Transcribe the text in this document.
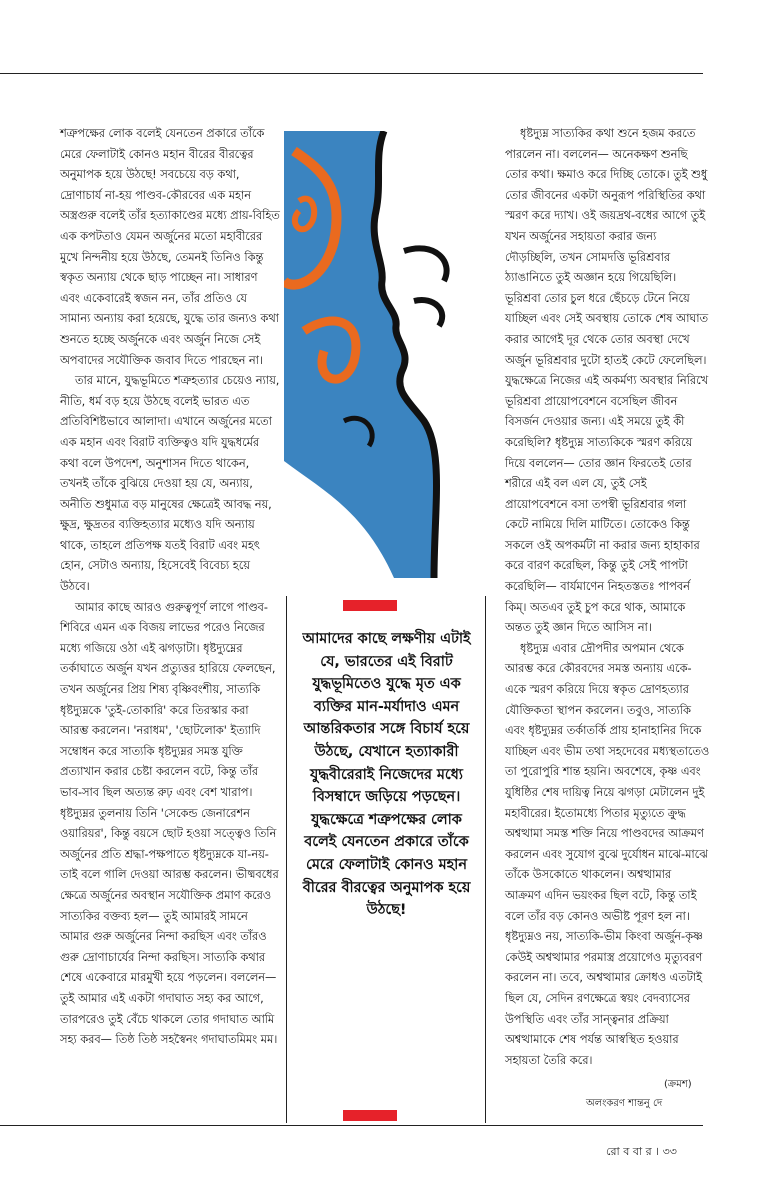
শত্রুপক্ষের লোক বলেই যেনতেন প্রকারে তাঁকে মেরে ফেলাটাই কোনও মহান বীরের বীরত্বের অনুমাপক হয়ে উঠছে! সবচেয়ে বড় কথা, দ্রোণাচার্য না-হয় পাণ্ডব-কৌরবের এক মহান অস্ত্রগুরু বলেই তাঁর হত্যাকাণ্ডের মধ্যে প্রায়-বিহিত এক কপটতাও যেমন অর্জুনের মতো মহাবীরের মুখে নিন্দনীয় হয়ে উঠছে, তেমনই তিনিও কিন্তু স্বকৃত অন্যায় থেকে ছাড় পাচ্ছেন না। সাধারণ এবং একেবারেই স্বজন নন, তাঁর প্রতিও যে সামান্য অন্যায় করা হয়েছে, যুদ্ধে তার জন্যও কথা শুনতে হচ্ছে অর্জুনকে এবং অর্জুন নিজে সেই অপবাদের সযৌক্তিক জবাব দিতে পারছেন না।

তার মানে, যুদ্ধভূমিতে শত্রুহত্যার চেয়েও ন্যায়, নীতি, ধর্ম বড় হয়ে উঠছে বলেই ভারত এত প্রতিবিশিষ্টভাবে আলাদা। এখানে অর্জুনের মতো এক মহান এবং বিরাট ব্যক্তিত্বও যদি যুদ্ধধর্মের কথা বলে উপদেশ, অনুশাসন দিতে থাকেন, তখনই তাঁকে বুঝিয়ে দেওয়া হয় যে, অন্যায়, অনীতি শুধুমাত্র বড় মানুষের ক্ষেত্রেই আবদ্ধ নয়, ক্ষুদ্র, ক্ষুদ্রতর ব্যক্তিহত্যার মধ্যেও যদি অন্যায় থাকে, তাহলে প্রতিপক্ষ যতই বিরাট এবং মহৎ হোন, সেটাও অন্যায়, হিসেবেই বিবেচ্য হয়ে উঠবে।

আমার কাছে আরও গুরুত্বপূর্ণ লাগে পাণ্ডব-শিবিরে এমন এক বিজয় লাভের পরেও নিজের মধ্যে গজিয়ে ওঠা এই ঝগড়াটা। ধৃষ্টদ্যুম্নের তর্কাঘাতে অর্জুন যখন প্রত্যুত্তর হারিয়ে ফেলছেন, তখন অর্জুনের প্রিয় শিষ্য বৃষ্ণিবংশীয়, সাত্যকি ধৃষ্টদ্যুম্নকে 'তুই-তোকারি' করে তিরস্কার করা আরম্ভ করলেন। 'নরাধম', 'ছোটলোক' ইত্যাদি সম্বোধন করে সাত্যকি ধৃষ্টদ্যুম্নর সমস্ত যুক্তি প্রত্যাখান করার চেষ্টা করলেন বটে, কিন্তু তাঁর ভাব-সাব ছিল অত্যন্ত রুঢ় এবং বেশ খারাপ। ধৃষ্টদ্যুম্নর তুলনায় তিনি 'সেকেন্ড জেনারেশন ওয়ারিয়র', কিন্তু বয়সে ছোট হওয়া সত্ত্বেও তিনি অর্জুনের প্রতি শ্রদ্ধা-পক্ষপাতে ধৃষ্টদ্যুম্নকে যা-নয়-তাই বলে গালি দেওয়া আরম্ভ করলেন। ভীষ্মবধের ক্ষেত্রে অর্জুনের অবস্থান সযৌক্তিক প্রমাণ করেও সাত্যকির বক্তব্য হল— তুই আমারই সামনে আমার গুরু অর্জুনের নিন্দা করছিস এবং তাঁরও গুরু দ্রোণাচার্যের নিন্দা করছিস। সাত্যকি কথার শেষে একেবারে মারমুখী হয়ে পড়লেন। বললেন— তুই আমার এই একটা গদাঘাত সহ্য কর আগে, তারপরেও তুই বেঁচে থাকলে তোর গদাঘাত আমি সহ্য করব— তিষ্ঠ তিষ্ঠ সহস্বৈনং গদাঘাতমিমং মম।

আমাদের কাছে লক্ষণীয় এটাই যে, ভারতের এই বিরাট যুদ্ধভূমিতেও যুদ্ধে মৃত এক ব্যক্তির মান-মর্যাদাও এমন আন্তরিকতার সঙ্গে বিচার্য হয়ে উঠছে, যেখানে হত্যাকারী যুদ্ধবীরেরাই নিজেদের মধ্যে বিসম্বাদে জড়িয়ে পড়ছেন। যুদ্ধক্ষেত্রে শত্রুপক্ষের লোক বলেই যেনতেন প্রকারে তাঁকে মেরে ফেলাটাই কোনও মহান বীরের বীরত্বের অনুমাপক হয়ে উঠছে!

ধৃষ্টদ্যুম্ন সাত্যকির কথা শুনে হজম করতে পারলেন না। বললেন— অনেকক্ষণ শুনছি তোর কথা। ক্ষমাও করে দিচ্ছি তোকে। তুই শুধু তোর জীবনের একটা অনুরূপ পরিস্থিতির কথা স্মরণ করে দ্যাখ। ওই জয়দ্রথ-বধের আগে তুই যখন অর্জুনের সহায়তা করার জন্য দৌড়চ্ছিলি, তখন সোমদত্তি ভূরিশ্রবার ঠ্যাঙানিতে তুই অজ্ঞান হয়ে গিয়েছিলি। ভূরিশ্রবা তোর চুল ধরে ছেঁচড়ে টেনে নিয়ে যাচ্ছিল এবং সেই অবস্থায় তোকে শেষ আঘাত করার আগেই দূর থেকে তোর অবস্থা দেখে অর্জুন ভূরিশ্রবার দুটো হাতই কেটে ফেলেছিল। যুদ্ধক্ষেত্রে নিজের এই অকর্মণ্য অবস্থার নিরিখে ভূরিশ্রবা প্রায়োপবেশনে বসেছিল জীবন বিসর্জন দেওয়ার জন্য। এই সময়ে তুই কী করেছিলি? ধৃষ্টদ্যুম্ন সাত্যকিকে স্মরণ করিয়ে দিয়ে বললেন— তোর জ্ঞান ফিরতেই তোর শরীরে এই বল এল যে, তুই সেই প্রায়োপবেশনে বসা তপস্বী ভূরিশ্রবার গলা কেটে নামিয়ে দিলি মাটিতে। তোকেও কিন্তু সকলে ওই অপকর্মটা না করার জন্য হাহাকার করে বারণ করেছিল, কিন্তু তুই সেই পাপটা করেছিলি— বার্যমাণেন নিহতস্ততঃ পাপবর্ন কিম্। অতএব তুই চুপ করে থাক, আমাকে অন্তত তুই জ্ঞান দিতে আসিস না।

ধৃষ্টদ্যুম্ন এবার দ্রৌপদীর অপমান থেকে আরম্ভ করে কৌরবদের সমস্ত অন্যায় একে-একে স্মরণ করিয়ে দিয়ে স্বকৃত দ্রোণহত্যার যৌক্তিকতা স্থাপন করলেন। তবুও, সাত্যকি এবং ধৃষ্টদ্যুম্নর তর্কাতর্কি প্রায় হানাহানির দিকে যাচ্ছিল এবং ভীম তথা সহদেবের মধ্যস্থতাতেও তা পুরোপুরি শান্ত হয়নি। অবশেষে, কৃষ্ণ এবং যুধিষ্ঠির শেষ দায়িত্ব নিয়ে ঝগড়া মেটালেন দুই মহাবীরের। ইতোমধ্যে পিতার মৃত্যুতে ক্রুদ্ধ অশ্বত্থামা সমস্ত শক্তি নিয়ে পাণ্ডবদের আক্রমণ করলেন এবং সুযোগ বুঝে দুর্যোধন মাঝে-মাঝে তাঁকে উসকোতে থাকলেন। অশ্বত্থামার আক্রমণ এদিন ভয়ংকর ছিল বটে, কিন্তু তাই বলে তাঁর বড় কোনও অভীষ্ট পূরণ হল না। ধৃষ্টদ্যুম্নও নয়, সাত্যকি-ভীম কিংবা অর্জুন-কৃষ্ণ কেউই অশ্বত্থামার পরমাস্ত্র প্রয়োগেও মৃত্যুবরণ করলেন না। তবে, অশ্বত্থামার ক্রোধও এতটাই ছিল যে, সেদিন রণক্ষেত্রে স্বয়ং বেদব্যাসের উপস্থিতি এবং তাঁর সান্ত্বনার প্রক্রিয়া অশ্বত্থামাকে শেষ পর্যন্ত আস্বস্থিত হওয়ার সহায়তা তৈরি করে।

(ক্রমশ)
অলংকরণ শান্তনু দে
রো ব বা র । ৩৩
